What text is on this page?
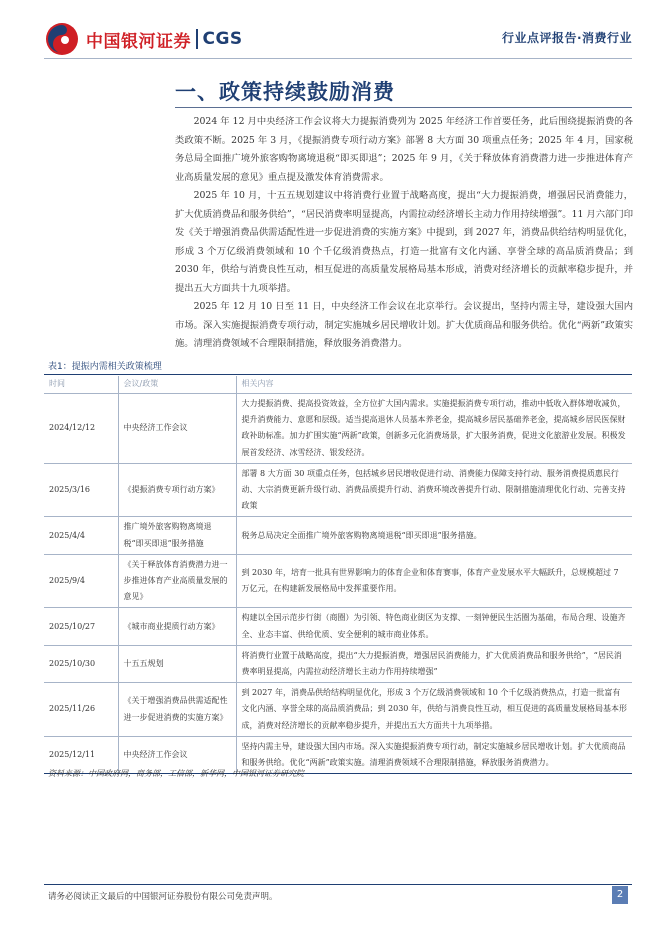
中国银河证券 CGS	行业点评报告·消费行业
一、政策持续鼓励消费

2024 年 12 月中央经济工作会议将大力提振消费列为 2025 年经济工作首要任务，此后围绕提振消费的各类政策不断。2025 年 3 月，《提振消费专项行动方案》部署 8 大方面 30 项重点任务；2025 年 4 月，国家税务总局全面推广境外旅客购物离境退税“即买即退”；2025 年 9 月，《关于释放体育消费潜力进一步推进体育产业高质量发展的意见》重点提及激发体育消费需求。

2025 年 10 月，十五五规划建议中将消费行业置于战略高度，提出“大力提振消费，增强居民消费能力，扩大优质消费品和服务供给”，“居民消费率明显提高，内需拉动经济增长主动力作用持续增强”。11 月六部门印发《关于增强消费品供需适配性进一步促进消费的实施方案》中提到，到 2027 年，消费品供给结构明显优化，形成 3 个万亿级消费领域和 10 个千亿级消费热点，打造一批富有文化内涵、享誉全球的高品质消费品；到 2030 年，供给与消费良性互动，相互促进的高质量发展格局基本形成，消费对经济增长的贡献率稳步提升，并提出五大方面共十九项举措。

2025 年 12 月 10 日至 11 日，中央经济工作会议在北京举行。会议提出，坚持内需主导，建设强大国内市场。深入实施提振消费专项行动，制定实施城乡居民增收计划。扩大优质商品和服务供给。优化“两新”政策实施。清理消费领域不合理限制措施，释放服务消费潜力。

表1：提振内需相关政策梳理
时间	会议/政策	相关内容
2024/12/12	中央经济工作会议	大力提振消费、提高投资效益，全方位扩大国内需求。实施提振消费专项行动，推动中低收入群体增收减负，提升消费能力、意愿和层级。适当提高退休人员基本养老金，提高城乡居民基础养老金，提高城乡居民医保财政补助标准。加力扩围实施“两新”政策，创新多元化消费场景，扩大服务消费，促进文化旅游业发展。积极发展首发经济、冰雪经济、银发经济。
2025/3/16	《提振消费专项行动方案》	部署 8 大方面 30 项重点任务，包括城乡居民增收促进行动、消费能力保障支持行动、服务消费提质惠民行动、大宗消费更新升级行动、消费品质提升行动、消费环境改善提升行动、限制措施清理优化行动、完善支持政策
2025/4/4	推广境外旅客购物离境退税“即买即退”服务措施	税务总局决定全面推广境外旅客购物离境退税“即买即退”服务措施。
2025/9/4	《关于释放体育消费潜力进一步推进体育产业高质量发展的意见》	到 2030 年，培育一批具有世界影响力的体育企业和体育赛事，体育产业发展水平大幅跃升，总规模超过 7 万亿元，在构建新发展格局中发挥重要作用。
2025/10/27	《城市商业提质行动方案》	构建以全国示范步行街（商圈）为引领、特色商业街区为支撑、一刻钟便民生活圈为基础，布局合理、设施齐全、业态丰富、供给优质、安全便利的城市商业体系。
2025/10/30	十五五规划	将消费行业置于战略高度，提出“大力提振消费，增强居民消费能力，扩大优质消费品和服务供给”，“居民消费率明显提高，内需拉动经济增长主动力作用持续增强”
2025/11/26	《关于增强消费品供需适配性进一步促进消费的实施方案》	到 2027 年，消费品供给结构明显优化，形成 3 个万亿级消费领域和 10 个千亿级消费热点，打造一批富有文化内涵、享誉全球的高品质消费品；到 2030 年，供给与消费良性互动，相互促进的高质量发展格局基本形成，消费对经济增长的贡献率稳步提升，并提出五大方面共十九项举措。
2025/12/11	中央经济工作会议	坚持内需主导，建设强大国内市场。深入实施提振消费专项行动，制定实施城乡居民增收计划。扩大优质商品和服务供给。优化“两新”政策实施。清理消费领域不合理限制措施，释放服务消费潜力。
资料来源：中国政府网，商务部，工信部，新华网，中国银河证券研究院
请务必阅读正文最后的中国银河证券股份有限公司免责声明。	2
